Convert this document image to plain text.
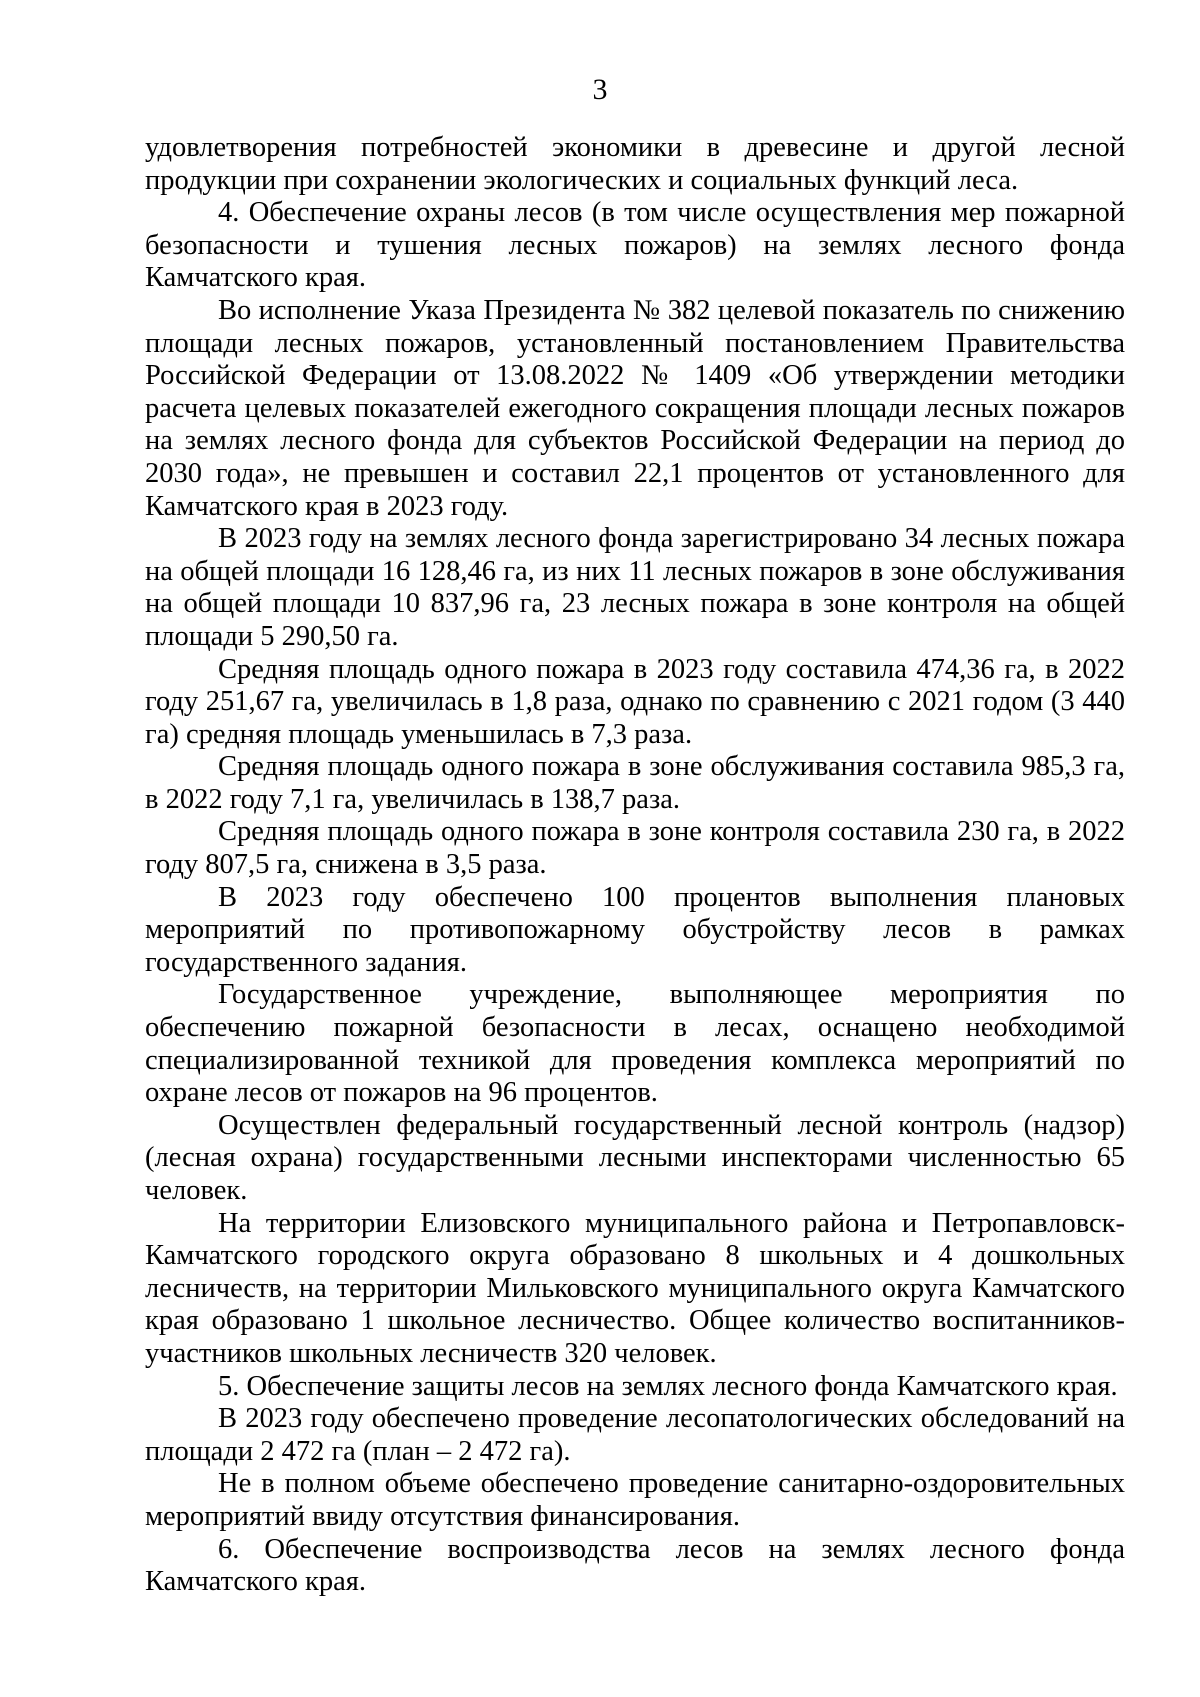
3

удовлетворения потребностей экономики в древесине и другой лесной продукции при сохранении экологических и социальных функций леса.

4. Обеспечение охраны лесов (в том числе осуществления мер пожарной безопасности и тушения лесных пожаров) на землях лесного фонда Камчатского края.

Во исполнение Указа Президента № 382 целевой показатель по снижению площади лесных пожаров, установленный постановлением Правительства Российской Федерации от 13.08.2022 № 1409 «Об утверждении методики расчета целевых показателей ежегодного сокращения площади лесных пожаров на землях лесного фонда для субъектов Российской Федерации на период до 2030 года», не превышен и составил 22,1 процентов от установленного для Камчатского края в 2023 году.

В 2023 году на землях лесного фонда зарегистрировано 34 лесных пожара на общей площади 16 128,46 га, из них 11 лесных пожаров в зоне обслуживания на общей площади 10 837,96 га, 23 лесных пожара в зоне контроля на общей площади 5 290,50 га.

Средняя площадь одного пожара в 2023 году составила 474,36 га, в 2022 году 251,67 га, увеличилась в 1,8 раза, однако по сравнению с 2021 годом (3 440 га) средняя площадь уменьшилась в 7,3 раза.

Средняя площадь одного пожара в зоне обслуживания составила 985,3 га, в 2022 году 7,1 га, увеличилась в 138,7 раза.

Средняя площадь одного пожара в зоне контроля составила 230 га, в 2022 году 807,5 га, снижена в 3,5 раза.

В 2023 году обеспечено 100 процентов выполнения плановых мероприятий по противопожарному обустройству лесов в рамках государственного задания.

Государственное учреждение, выполняющее мероприятия по обеспечению пожарной безопасности в лесах, оснащено необходимой специализированной техникой для проведения комплекса мероприятий по охране лесов от пожаров на 96 процентов.

Осуществлен федеральный государственный лесной контроль (надзор) (лесная охрана) государственными лесными инспекторами численностью 65 человек.

На территории Елизовского муниципального района и Петропавловск-Камчатского городского округа образовано 8 школьных и 4 дошкольных лесничеств, на территории Мильковского муниципального округа Камчатского края образовано 1 школьное лесничество. Общее количество воспитанников-участников школьных лесничеств 320 человек.

5. Обеспечение защиты лесов на землях лесного фонда Камчатского края.

В 2023 году обеспечено проведение лесопатологических обследований на площади 2 472 га (план – 2 472 га).

Не в полном объеме обеспечено проведение санитарно-оздоровительных мероприятий ввиду отсутствия финансирования.

6. Обеспечение воспроизводства лесов на землях лесного фонда Камчатского края.
